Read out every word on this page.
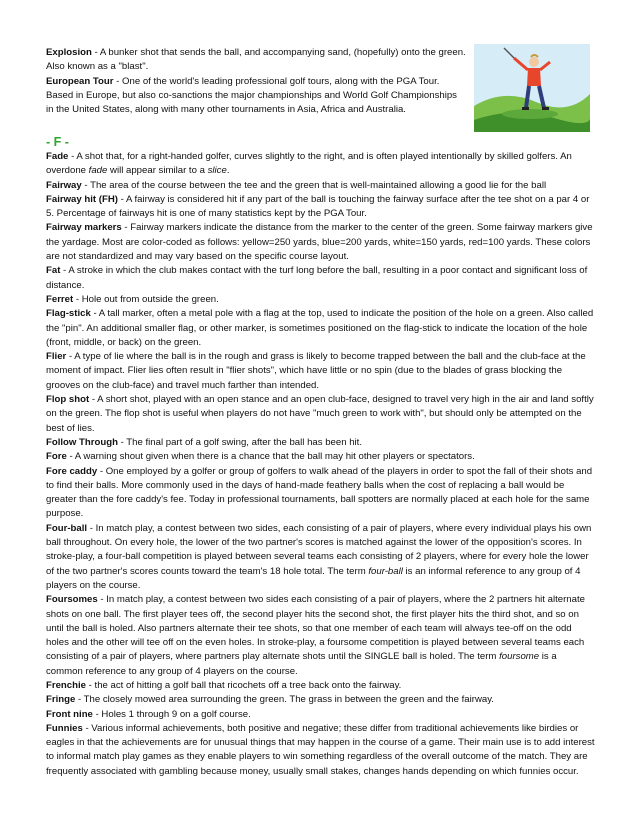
Explosion - A bunker shot that sends the ball, and accompanying sand, (hopefully) onto the green. Also known as a "blast".

European Tour - One of the world's leading professional golf tours, along with the PGA Tour. Based in Europe, but also co-sanctions the major championships and World Golf Championships in the United States, along with many other tournaments in Asia, Africa and Australia.

- F -

Fade - A shot that, for a right-handed golfer, curves slightly to the right, and is often played intentionally by skilled golfers. An overdone fade will appear similar to a slice.

Fairway - The area of the course between the tee and the green that is well-maintained allowing a good lie for the ball

Fairway hit (FH) - A fairway is considered hit if any part of the ball is touching the fairway surface after the tee shot on a par 4 or 5. Percentage of fairways hit is one of many statistics kept by the PGA Tour.

Fairway markers - Fairway markers indicate the distance from the marker to the center of the green. Some fairway markers give the yardage. Most are color-coded as follows: yellow=250 yards, blue=200 yards, white=150 yards, red=100 yards. These colors are not standardized and may vary based on the specific course layout.

Fat - A stroke in which the club makes contact with the turf long before the ball, resulting in a poor contact and significant loss of distance.

Ferret - Hole out from outside the green.

Flag-stick - A tall marker, often a metal pole with a flag at the top, used to indicate the position of the hole on a green. Also called the "pin". An additional smaller flag, or other marker, is sometimes positioned on the flag-stick to indicate the location of the hole (front, middle, or back) on the green.

Flier - A type of lie where the ball is in the rough and grass is likely to become trapped between the ball and the club-face at the moment of impact. Flier lies often result in "flier shots", which have little or no spin (due to the blades of grass blocking the grooves on the club-face) and travel much farther than intended.

Flop shot - A short shot, played with an open stance and an open club-face, designed to travel very high in the air and land softly on the green. The flop shot is useful when players do not have "much green to work with", but should only be attempted on the best of lies.

Follow Through - The final part of a golf swing, after the ball has been hit.

Fore - A warning shout given when there is a chance that the ball may hit other players or spectators.

Fore caddy - One employed by a golfer or group of golfers to walk ahead of the players in order to spot the fall of their shots and to find their balls. More commonly used in the days of hand-made feathery balls when the cost of replacing a ball would be greater than the fore caddy's fee. Today in professional tournaments, ball spotters are normally placed at each hole for the same purpose.

Four-ball - In match play, a contest between two sides, each consisting of a pair of players, where every individual plays his own ball throughout. On every hole, the lower of the two partner's scores is matched against the lower of the opposition's scores. In stroke-play, a four-ball competition is played between several teams each consisting of 2 players, where for every hole the lower of the two partner's scores counts toward the team's 18 hole total. The term four-ball is an informal reference to any group of 4 players on the course.

Foursomes - In match play, a contest between two sides each consisting of a pair of players, where the 2 partners hit alternate shots on one ball. The first player tees off, the second player hits the second shot, the first player hits the third shot, and so on until the ball is holed. Also partners alternate their tee shots, so that one member of each team will always tee-off on the odd holes and the other will tee off on the even holes. In stroke-play, a foursome competition is played between several teams each consisting of a pair of players, where partners play alternate shots until the SINGLE ball is holed. The term foursome is a common reference to any group of 4 players on the course.

Frenchie - the act of hitting a golf ball that ricochets off a tree back onto the fairway.

Fringe - The closely mowed area surrounding the green. The grass in between the green and the fairway.

Front nine - Holes 1 through 9 on a golf course.

Funnies - Various informal achievements, both positive and negative; these differ from traditional achievements like birdies or eagles in that the achievements are for unusual things that may happen in the course of a game. Their main use is to add interest to informal match play games as they enable players to win something regardless of the overall outcome of the match. They are frequently associated with gambling because money, usually small stakes, changes hands depending on which funnies occur.
